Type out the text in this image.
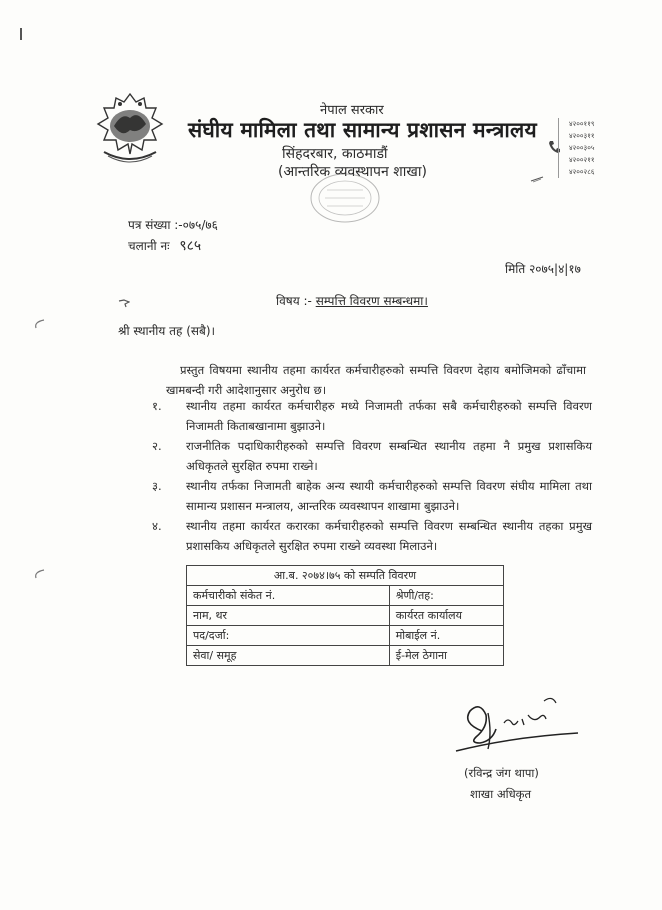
नेपाल सरकार
संघीय मामिला तथा सामान्य प्रशासन मन्त्रालय
सिंहदरबार, काठमाडौं
(आन्तरिक व्यवस्थापन शाखा)
४२००११९
४२००३११
४२००३०५
४२००२११
४२००२८६
पत्र संख्या :-०७५/७६
चलानी नः ९८५
मिति २०७५|४|१७
विषय :- सम्पत्ति विवरण सम्बन्धमा।
श्री स्थानीय तह (सबै)।
प्रस्तुत विषयमा स्थानीय तहमा कार्यरत कर्मचारीहरुको सम्पत्ति विवरण देहाय बमोजिमको ढाँचामा खामबन्दी गरी आदेशानुसार अनुरोध छ।
१. स्थानीय तहमा कार्यरत कर्मचारीहरु मध्ये निजामती तर्फका सबै कर्मचारीहरुको सम्पत्ति विवरण निजामती किताबखानामा बुझाउने।
२. राजनीतिक पदाधिकारीहरुको सम्पत्ति विवरण सम्बन्धित स्थानीय तहमा नै प्रमुख प्रशासकिय अधिकृतले सुरक्षित रुपमा राख्ने।
३. स्थानीय तर्फका निजामती बाहेक अन्य स्थायी कर्मचारीहरुको सम्पत्ति विवरण संघीय मामिला तथा सामान्य प्रशासन मन्त्रालय, आन्तरिक व्यवस्थापन शाखामा बुझाउने।
४. स्थानीय तहमा कार्यरत करारका कर्मचारीहरुको सम्पत्ति विवरण सम्बन्धित स्थानीय तहका प्रमुख प्रशासकिय अधिकृतले सुरक्षित रुपमा राख्ने व्यवस्था मिलाउने।
आ.ब. २०७४।७५ को सम्पति विवरण	
कर्मचारीको संकेत नं.	श्रेणी/तह:
नाम, थर	कार्यरत कार्यालय
पद/दर्जा:	मोबाईल नं.
सेवा/ समूह	ई-मेल ठेगाना
(रविन्द्र जंग थापा)
शाखा अधिकृत
